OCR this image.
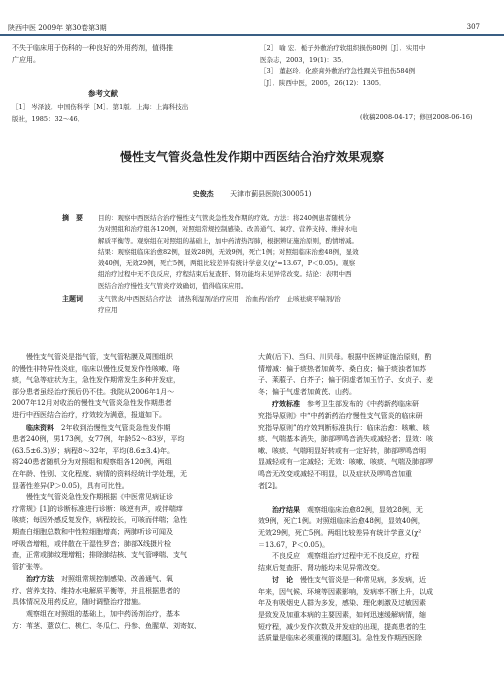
陕西中医 2009年 第30卷第3期	307
不失于临床用于伤科的一种良好的外用药剂，值得推
广应用。
参考文献
［1］ 岑泽波．中国伤科学［M］．第1版．上海：上海科技出
版社，1985：32～46．
［2］ 喻 宏．栀子外敷治疗软组织损伤80例［J］．实用中
医杂志，2003，19(1)：35．
［3］ 董赵玲．化瘀膏外敷治疗急性踝关节扭伤584例
［J］．陕西中医，2005，26(12)：1305．
(收稿2008-04-17；修回2008-06-16)
慢性支气管炎急性发作期中西医结合治疗效果观察
史俊杰 天津市蓟县医院(300051)
摘　要 目的：观察中西医结合治疗慢性支气管炎急性发作期的疗效。方法：将240例患者随机分
为对照组和治疗组各120例，对照组常规控制感染、改善通气、氧疗、营养支持、维持水电
解质平衡等。观察组在对照组的基础上，加中药清热泻肺，根据辨证施治原则，酌情增减。
结果：观察组临床治愈82例，显效28例，无效9例，死亡1例；对照组临床治愈48例，显效
效40例，无效29例，死亡5例，两组比较差异有统计学意义(χ²=13.67，P＜0.05)。观察
组治疗过程中无不良反应，疗程结束后复查肝、肾功能均未见异常改变。结论：表明中西
医结合治疗慢性支气管炎疗效确切，值得临床应用。
主题词 支气管炎/中西医结合疗法　清热利湿剂/治疗应用　治血药/治疗　止咳祛痰平喘剂/治
疗应用

　　慢性支气管炎是指气管，支气管粘膜及周围组织

的慢性非特异性炎症，临床以慢性反复发作性咳嗽、咯

痰，气急等症状为主，急性发作期常发生多种并发症，

部分患者虽经治疗预后仍不佳。我院从2006年1月～

2007年12月对收治的慢性支气管炎急性发作期患者

进行中西医结合治疗，疗效较为满意，报道如下。

　　临床资料　2年收到治慢性支气管炎急性发作期

患者240例，男173例，女77例，年龄52～83岁，平均

(63.5±6.3)岁；病程8～32年，平均(8.6±3.4)年。

将240患者随机分为对照组和观察组各120例，两组

在年龄、性别、文化程度、病情的资料经统计学处理，无

显著性差异(P＞0.05)，具有可比性。

　　慢性支气管炎急性发作期根据《中医常见病证诊

疗常规》[1]的诊断标准进行诊断：咳逆有声，或伴喘痒

咳痰；每因外感反复发作，病程较长，可咳而伴喘；急性

期查白细胞总数和中性粒细胞增高；两肺听诊可闻及

呼吸音增粗，或伴散在干湿性罗音；肺部X线摄片检

查，正常或肺纹理增粗；排除肺结核、支气管哮喘、支气

管扩张等。

　　治疗方法　对照组常规控制感染、改善通气、氧

疗、营养支持、维持水电解质平衡等，并且根据患者的

具体情况及用药反应，随时调整治疗措施。

　　观察组在对照组的基础上，加中药汤剂治疗，基本

方：苇茎、薏苡仁、桃仁、冬瓜仁、丹参、鱼腥草、刘寄奴、

大黄(后下)、当归、川贝母。根据中医辨证施治原则，酌

情增减：偏于痰热者加黄芩、桑白皮；偏于痰浊者加苏

子、莱菔子、白芥子；偏于阴虚者加玉竹子、女贞子、麦

冬；偏于气虚者加黄芪、山药。

　　疗效标准　参考卫生部发布的《中药新药临床研

究指导原则》中“中药新药治疗慢性支气管炎的临床研

究指导原则”的疗效判断标准执行：临床治愈：咳嗽、咳

痰、气喘基本消失，肺部啰鸣音消失或减轻者；显效：咳

嗽、咳痰、气喘明显好转或有一定好转，肺部啰鸣音明

显减轻或有一定减轻；无效：咳嗽、咳痰、气喘及肺部啰

鸣音无改变或减轻不明显，以及症状及啰鸣音加重

者[2]。

　　治疗结果　观察组临床治愈82例，显效28例，无

效9例，死亡1例。对照组临床治愈48例，显效40例，

无效29例，死亡5例。两组比较差异有统计学意义(χ²

＝13.67，P＜0.05)。

　　不良反应　观察组治疗过程中无不良反应，疗程

结束后复查肝、肾功能均未见异常改变。

　　讨　论　慢性支气管炎是一种常见病，多发病，近

年来，因气候、环境等因素影响，发病率不断上升，以成

年及有吸烟史人群为多发，感染、理化刺激及过敏因素

是致发及加重本病的主要因素，如何迅速缓解病情，缩

短疗程，减少发作次数及并发症的出现，提高患者的生

活质量是临床必须重视的课题[3]。急性发作期西医除
